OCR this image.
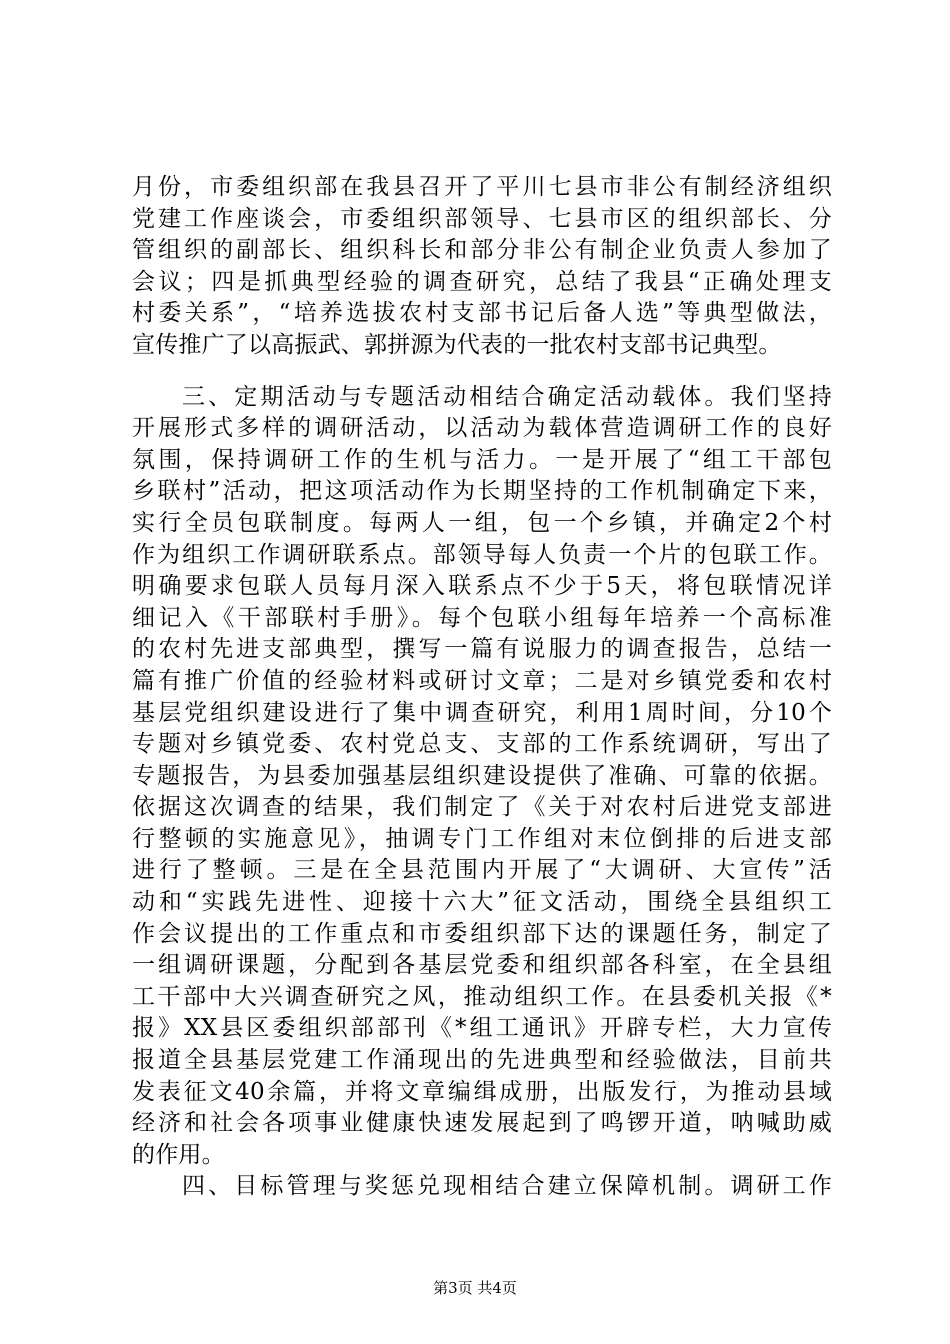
月份，市委组织部在我县召开了平川七县市非公有制经济组织
党建工作座谈会，市委组织部领导、七县市区的组织部长、分
管组织的副部长、组织科长和部分非公有制企业负责人参加了
会议；四是抓典型经验的调查研究，总结了我县“正确处理支
村委关系”，“培养选拔农村支部书记后备人选”等典型做法，
宣传推广了以高振武、郭拼源为代表的一批农村支部书记典型。
三、定期活动与专题活动相结合确定活动载体。我们坚持
开展形式多样的调研活动，以活动为载体营造调研工作的良好
氛围，保持调研工作的生机与活力。一是开展了“组工干部包
乡联村”活动，把这项活动作为长期坚持的工作机制确定下来，
实行全员包联制度。每两人一组，包一个乡镇，并确定2个村
作为组织工作调研联系点。部领导每人负责一个片的包联工作。
明确要求包联人员每月深入联系点不少于5天，将包联情况详
细记入《干部联村手册》。每个包联小组每年培养一个高标准
的农村先进支部典型，撰写一篇有说服力的调查报告，总结一
篇有推广价值的经验材料或研讨文章；二是对乡镇党委和农村
基层党组织建设进行了集中调查研究，利用1周时间，分10个
专题对乡镇党委、农村党总支、支部的工作系统调研，写出了
专题报告，为县委加强基层组织建设提供了准确、可靠的依据。
依据这次调查的结果，我们制定了《关于对农村后进党支部进
行整顿的实施意见》，抽调专门工作组对末位倒排的后进支部
进行了整顿。三是在全县范围内开展了“大调研、大宣传”活
动和“实践先进性、迎接十六大”征文活动，围绕全县组织工
作会议提出的工作重点和市委组织部下达的课题任务，制定了
一组调研课题，分配到各基层党委和组织部各科室，在全县组
工干部中大兴调查研究之风，推动组织工作。在县委机关报《*
报》XX县区委组织部部刊《*组工通讯》开辟专栏，大力宣传
报道全县基层党建工作涌现出的先进典型和经验做法，目前共
发表征文40余篇，并将文章编缉成册，出版发行，为推动县域
经济和社会各项事业健康快速发展起到了鸣锣开道，呐喊助威
的作用。
四、目标管理与奖惩兑现相结合建立保障机制。调研工作
第3页 共4页
